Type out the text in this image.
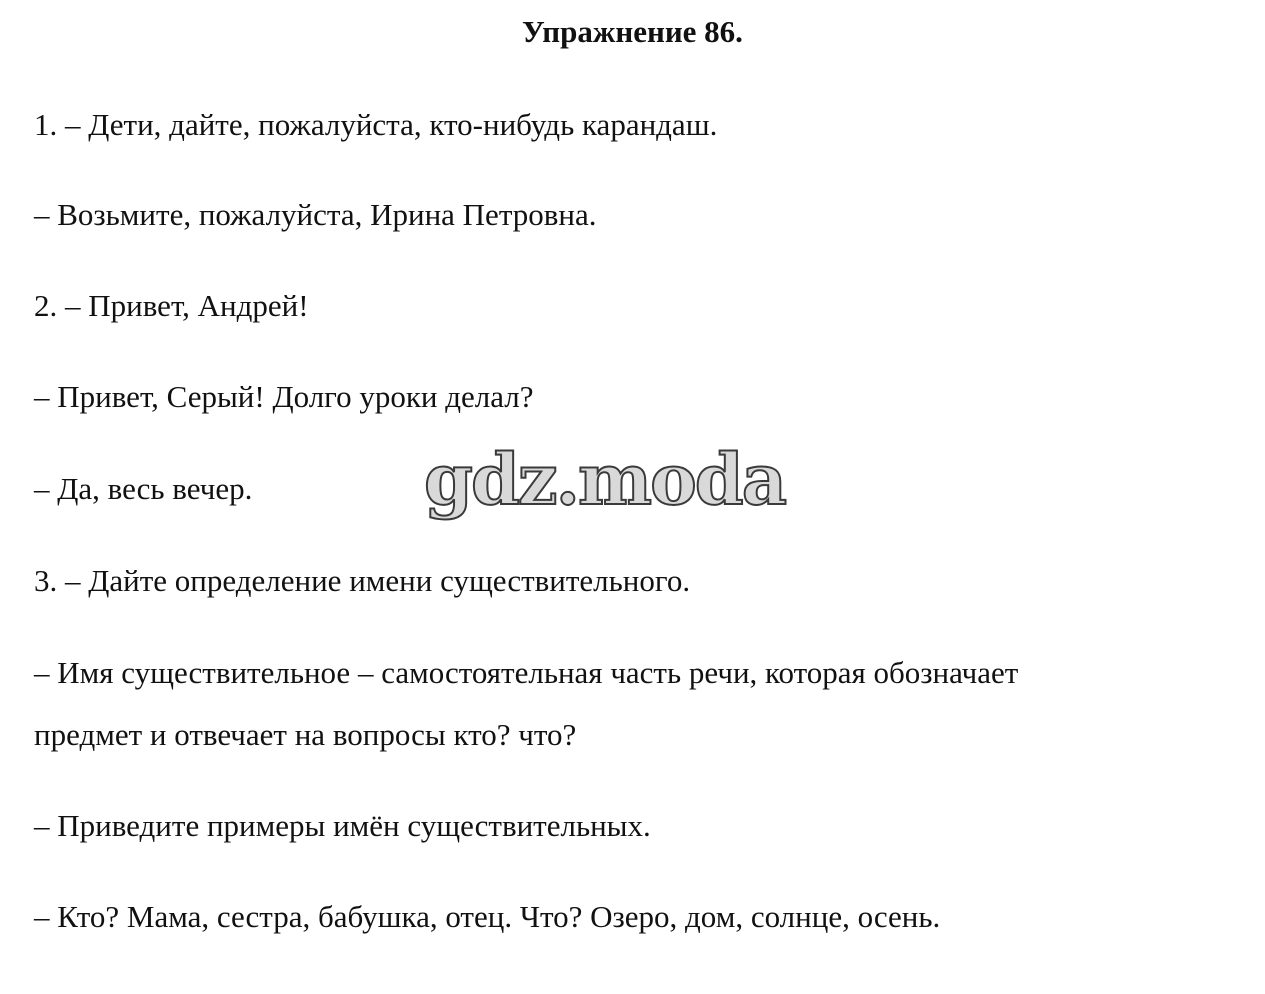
Упражнение 86.
1. – Дети, дайте, пожалуйста, кто-нибудь карандаш.
– Возьмите, пожалуйста, Ирина Петровна.
2. – Привет, Андрей!
– Привет, Серый! Долго уроки делал?
– Да, весь вечер.
3. – Дайте определение имени существительного.
– Имя существительное – самостоятельная часть речи, которая обозначает
предмет и отвечает на вопросы кто? что?
– Приведите примеры имён существительных.
– Кто? Мама, сестра, бабушка, отец. Что? Озеро, дом, солнце, осень.
gdz.moda
